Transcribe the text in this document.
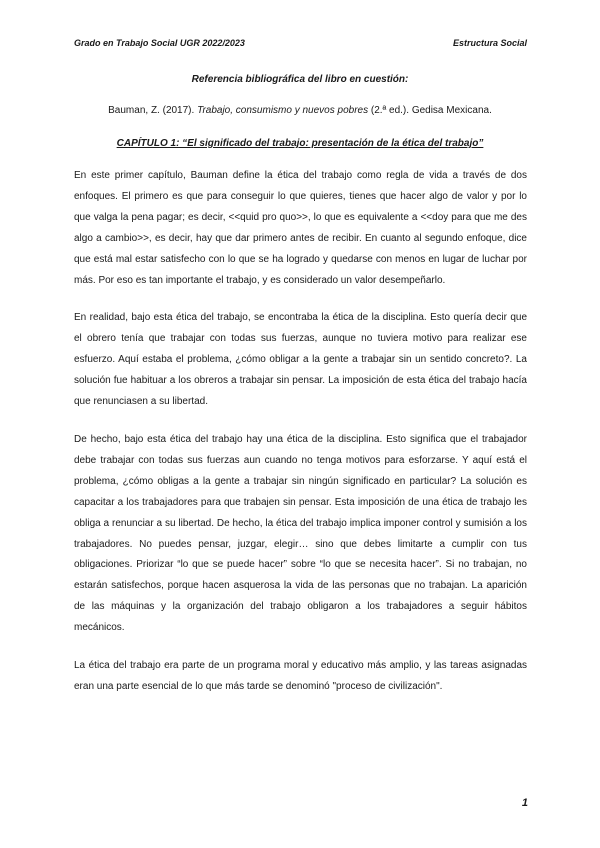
Grado en Trabajo Social UGR 2022/2023	Estructura Social
Referencia bibliográfica del libro en cuestión:
Bauman, Z. (2017). Trabajo, consumismo y nuevos pobres (2.ª ed.). Gedisa Mexicana.
CAPÍTULO 1: “El significado del trabajo: presentación de la ética del trabajo”

En este primer capítulo, Bauman define la ética del trabajo como regla de vida a través de dos enfoques. El primero es que para conseguir lo que quieres, tienes que hacer algo de valor y por lo que valga la pena pagar; es decir, <<quid pro quo>>, lo que es equivalente a <<doy para que me des algo a cambio>>, es decir, hay que dar primero antes de recibir. En cuanto al segundo enfoque, dice que está mal estar satisfecho con lo que se ha logrado y quedarse con menos en lugar de luchar por más. Por eso es tan importante el trabajo, y es considerado un valor desempeñarlo.

En realidad, bajo esta ética del trabajo, se encontraba la ética de la disciplina. Esto quería decir que el obrero tenía que trabajar con todas sus fuerzas, aunque no tuviera motivo para realizar ese esfuerzo. Aquí estaba el problema, ¿cómo obligar a la gente a trabajar sin un sentido concreto?. La solución fue habituar a los obreros a trabajar sin pensar. La imposición de esta ética del trabajo hacía que renunciasen a su libertad.

De hecho, bajo esta ética del trabajo hay una ética de la disciplina. Esto significa que el trabajador debe trabajar con todas sus fuerzas aun cuando no tenga motivos para esforzarse. Y aquí está el problema, ¿cómo obligas a la gente a trabajar sin ningún significado en particular? La solución es capacitar a los trabajadores para que trabajen sin pensar. Esta imposición de una ética de trabajo les obliga a renunciar a su libertad. De hecho, la ética del trabajo implica imponer control y sumisión a los trabajadores. No puedes pensar, juzgar, elegir… sino que debes limitarte a cumplir con tus obligaciones. Priorizar “lo que se puede hacer” sobre “lo que se necesita hacer”. Si no trabajan, no estarán satisfechos, porque hacen asquerosa la vida de las personas que no trabajan. La aparición de las máquinas y la organización del trabajo obligaron a los trabajadores a seguir hábitos mecánicos.

La ética del trabajo era parte de un programa moral y educativo más amplio, y las tareas asignadas eran una parte esencial de lo que más tarde se denominó "proceso de civilización".

1
